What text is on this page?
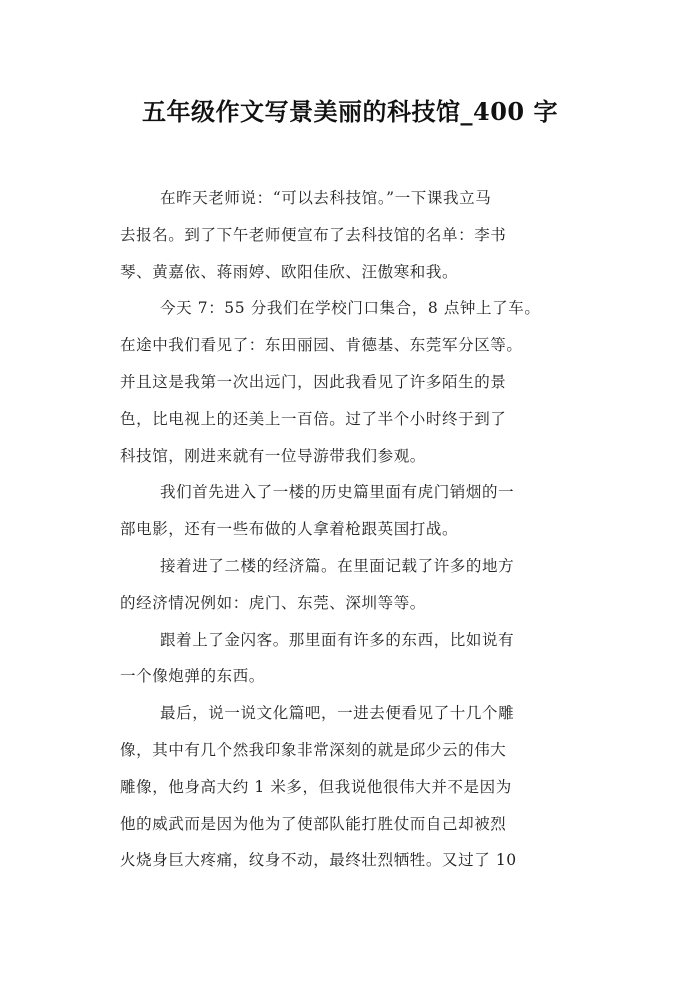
五年级作文写景美丽的科技馆_400 字
在昨天老师说：“可以去科技馆。”一下课我立马
去报名。到了下午老师便宣布了去科技馆的名单：李书
琴、黄嘉依、蒋雨婷、欧阳佳欣、汪傲寒和我。
今天 7：55 分我们在学校门口集合，8 点钟上了车。
在途中我们看见了：东田丽园、肯德基、东莞军分区等。
并且这是我第一次出远门，因此我看见了许多陌生的景
色，比电视上的还美上一百倍。过了半个小时终于到了
科技馆，刚进来就有一位导游带我们参观。
我们首先进入了一楼的历史篇里面有虎门销烟的一
部电影，还有一些布做的人拿着枪跟英国打战。
接着进了二楼的经济篇。在里面记载了许多的地方
的经济情况例如：虎门、东莞、深圳等等。
跟着上了金闪客。那里面有许多的东西，比如说有
一个像炮弹的东西。
最后，说一说文化篇吧，一进去便看见了十几个雕
像，其中有几个然我印象非常深刻的就是邱少云的伟大
雕像，他身高大约 1 米多，但我说他很伟大并不是因为
他的威武而是因为他为了使部队能打胜仗而自己却被烈
火烧身巨大疼痛，纹身不动，最终壮烈牺牲。又过了 10
